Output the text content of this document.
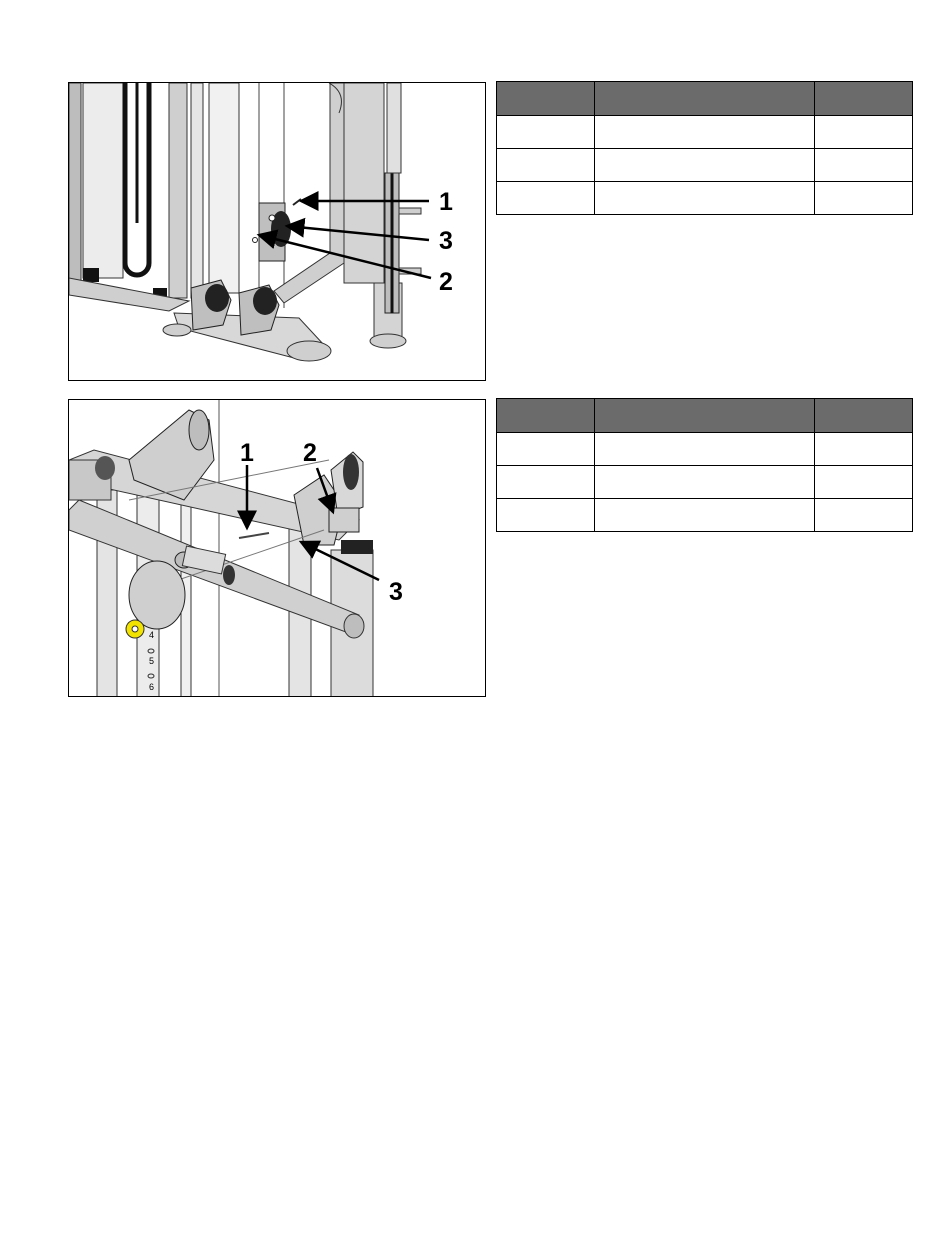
1
3
2

4
5
6
1 2
3
